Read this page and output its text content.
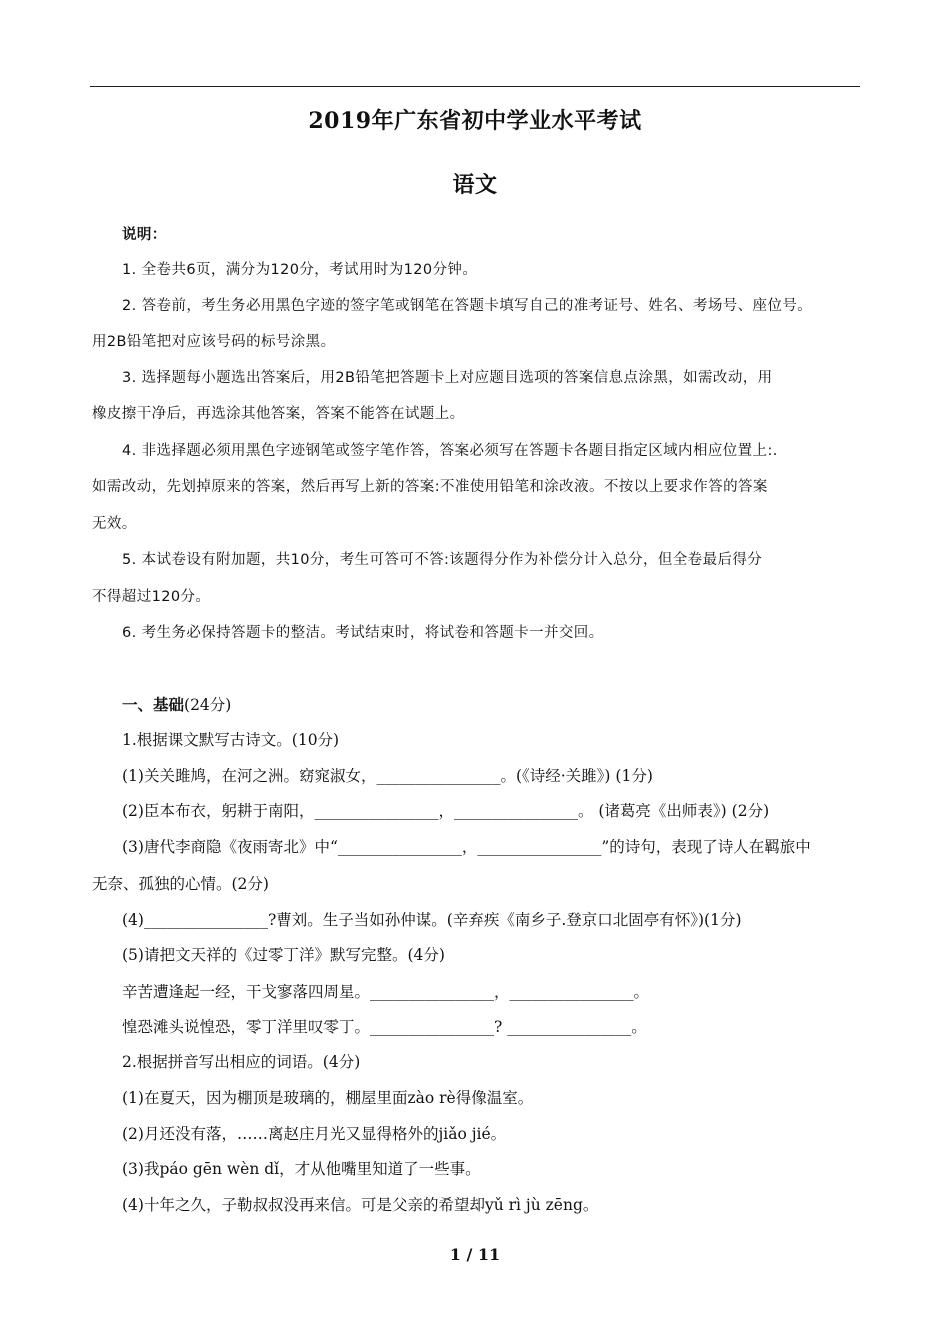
2019年广东省初中学业水平考试
语文
说明：
1. 全卷共6页，满分为120分，考试用时为120分钟。
2. 答卷前，考生务必用黑色字迹的签字笔或钢笔在答题卡填写自己的准考证号、姓名、考场号、座位号。
用2B铅笔把对应该号码的标号涂黑。
3. 选择题每小题选出答案后，用2B铅笔把答题卡上对应题目选项的答案信息点涂黑，如需改动，用
橡皮擦干净后，再选涂其他答案，答案不能答在试题上。
4. 非选择题必须用黑色字迹钢笔或签字笔作答，答案必须写在答题卡各题目指定区域内相应位置上:.
如需改动，先划掉原来的答案，然后再写上新的答案:不准使用铅笔和涂改液。不按以上要求作答的答案
无效。
5. 本试卷设有附加题，共10分，考生可答可不答:该题得分作为补偿分计入总分，但全卷最后得分
不得超过120分。
6. 考生务必保持答题卡的整洁。考试结束时，将试卷和答题卡一并交回。
一、基础(24分)
1.根据课文默写古诗文。(10分)
(1)关关雎鸠，在河之洲。窈窕淑女，________________。(《诗经·关雎》) (1分)
(2)臣本布衣，躬耕于南阳，________________，________________。 (诸葛亮《出师表》) (2分)
(3)唐代李商隐《夜雨寄北》中“________________，________________”的诗句，表现了诗人在羁旅中
无奈、孤独的心情。(2分)
(4)________________?曹刘。生子当如孙仲谋。(辛弃疾《南乡子.登京口北固亭有怀》)(1分)
(5)请把文天祥的《过零丁洋》默写完整。(4分)
辛苦遭逢起一经，干戈寥落四周星。________________，________________。
惶恐滩头说惶恐，零丁洋里叹零丁。________________? ________________。
2.根据拼音写出相应的词语。(4分)
(1)在夏天，因为棚顶是玻璃的，棚屋里面zào rè得像温室。
(2)月还没有落，……离赵庄月光又显得格外的jiǎo jié。
(3)我páo gēn wèn dǐ，才从他嘴里知道了一些事。
(4)十年之久，子勒叔叔没再来信。可是父亲的希望却yǔ rì jù zēng。
1 / 11
